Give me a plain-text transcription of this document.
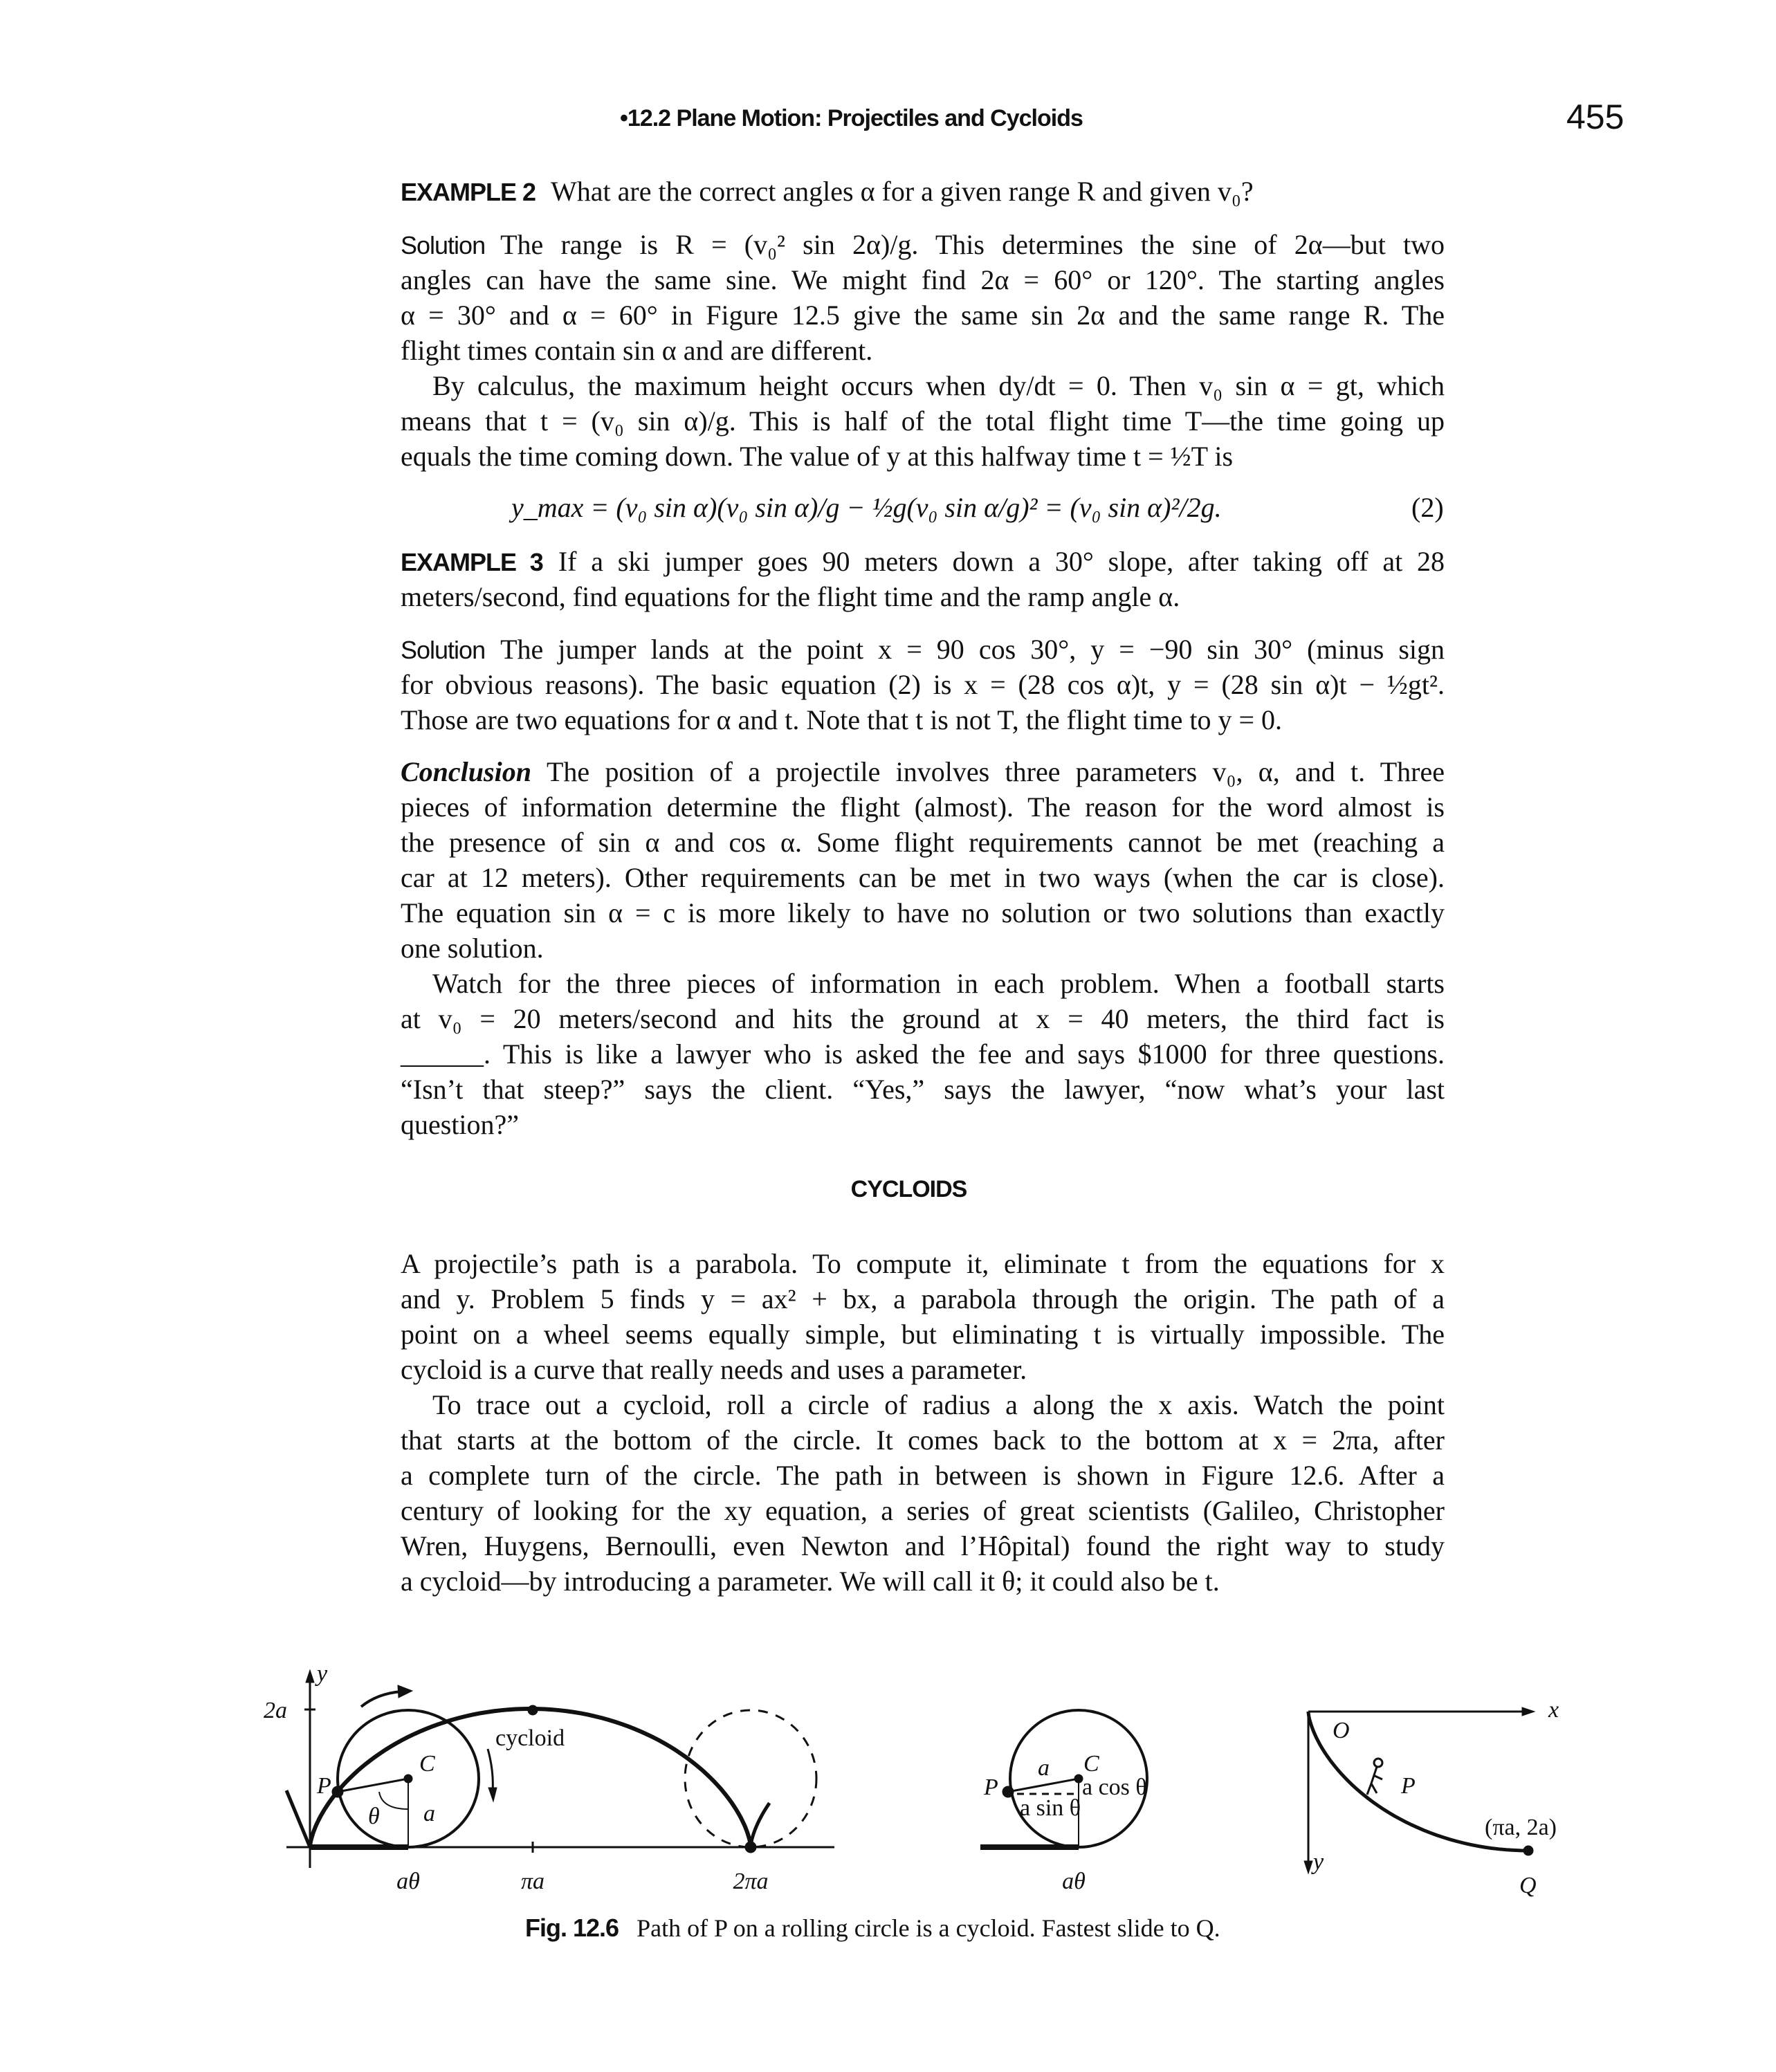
•12.2 Plane Motion: Projectiles and Cycloids	455
EXAMPLE 2 What are the correct angles α for a given range R and given v₀?
Solution The range is R = (v₀² sin 2α)/g. This determines the sine of 2α—but two
angles can have the same sine. We might find 2α = 60° or 120°. The starting angles
α = 30° and α = 60° in Figure 12.5 give the same sin 2α and the same range R. The
flight times contain sin α and are different.
By calculus, the maximum height occurs when dy/dt = 0. Then v₀ sin α = gt, which
means that t = (v₀ sin α)/g. This is half of the total flight time T—the time going up
equals the time coming down. The value of y at this halfway time t = ½T is
y_max = (v₀ sin α)(v₀ sin α)/g − ½g(v₀ sin α/g)² = (v₀ sin α)²/2g.	(2)
EXAMPLE 3 If a ski jumper goes 90 meters down a 30° slope, after taking off at 28
meters/second, find equations for the flight time and the ramp angle α.
Solution The jumper lands at the point x = 90 cos 30°, y = −90 sin 30° (minus sign
for obvious reasons). The basic equation (2) is x = (28 cos α)t, y = (28 sin α)t − ½gt².
Those are two equations for α and t. Note that t is not T, the flight time to y = 0.
Conclusion The position of a projectile involves three parameters v₀, α, and t. Three
pieces of information determine the flight (almost). The reason for the word almost is
the presence of sin α and cos α. Some flight requirements cannot be met (reaching a
car at 12 meters). Other requirements can be met in two ways (when the car is close).
The equation sin α = c is more likely to have no solution or two solutions than exactly
one solution.
Watch for the three pieces of information in each problem. When a football starts
at v₀ = 20 meters/second and hits the ground at x = 40 meters, the third fact is
______. This is like a lawyer who is asked the fee and says $1000 for three questions.
“Isn’t that steep?” says the client. “Yes,” says the lawyer, “now what’s your last
question?”
CYCLOIDS
A projectile’s path is a parabola. To compute it, eliminate t from the equations for x
and y. Problem 5 finds y = ax² + bx, a parabola through the origin. The path of a
point on a wheel seems equally simple, but eliminating t is virtually impossible. The
cycloid is a curve that really needs and uses a parameter.
To trace out a cycloid, roll a circle of radius a along the x axis. Watch the point
that starts at the bottom of the circle. It comes back to the bottom at x = 2πa, after
a complete turn of the circle. The path in between is shown in Figure 12.6. After a
century of looking for the xy equation, a series of great scientists (Galileo, Christopher
Wren, Huygens, Bernoulli, even Newton and l’Hôpital) found the right way to study
a cycloid—by introducing a parameter. We will call it θ; it could also be t.
y
2a
cycloid
P
C
θ a
aθ	πa	2πa
P
C
a
a cos θ
a sin θ
aθ
x
y
O
P
(πa, 2a)
Q
Fig. 12.6 Path of P on a rolling circle is a cycloid. Fastest slide to Q.
